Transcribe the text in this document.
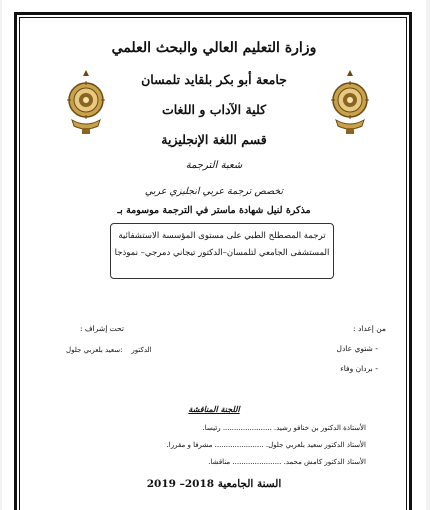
وزارة التعليم العالي والبحث العلمي
جامعة أبو بكر بلقايد تلمسان
كلية الآداب و اللغات
قسم اللغة الإنجليزية
شعبة الترجمة
تخصص ترجمة عربي انجليزي عربي
مذكرة لنيل شهادة ماستر في الترجمة موسومة بـ
ترجمة المصطلح الطبي على مستوى المؤسسة الاستشفائية
المستشفى الجامعي لتلمسان–الدكتور تيجاني دمرجي– نموذجا
من إعداد :
- شتوي عادل
- بردان وفاء
تحت إشراف :
الدكتور    :سعيد بلعربي جلول
اللجنة المناقشة
الأستاذة الدكتور بن خنافو رشيد. ...................... رئيسا.
الأستاذ الدكتور سعيد بلعربي جلول. ...................... مشرفا و مقررا.
الأستاذ الدكتور كامش محمد. ...................... مناقشا.
السنة الجامعية 2018– 2019
